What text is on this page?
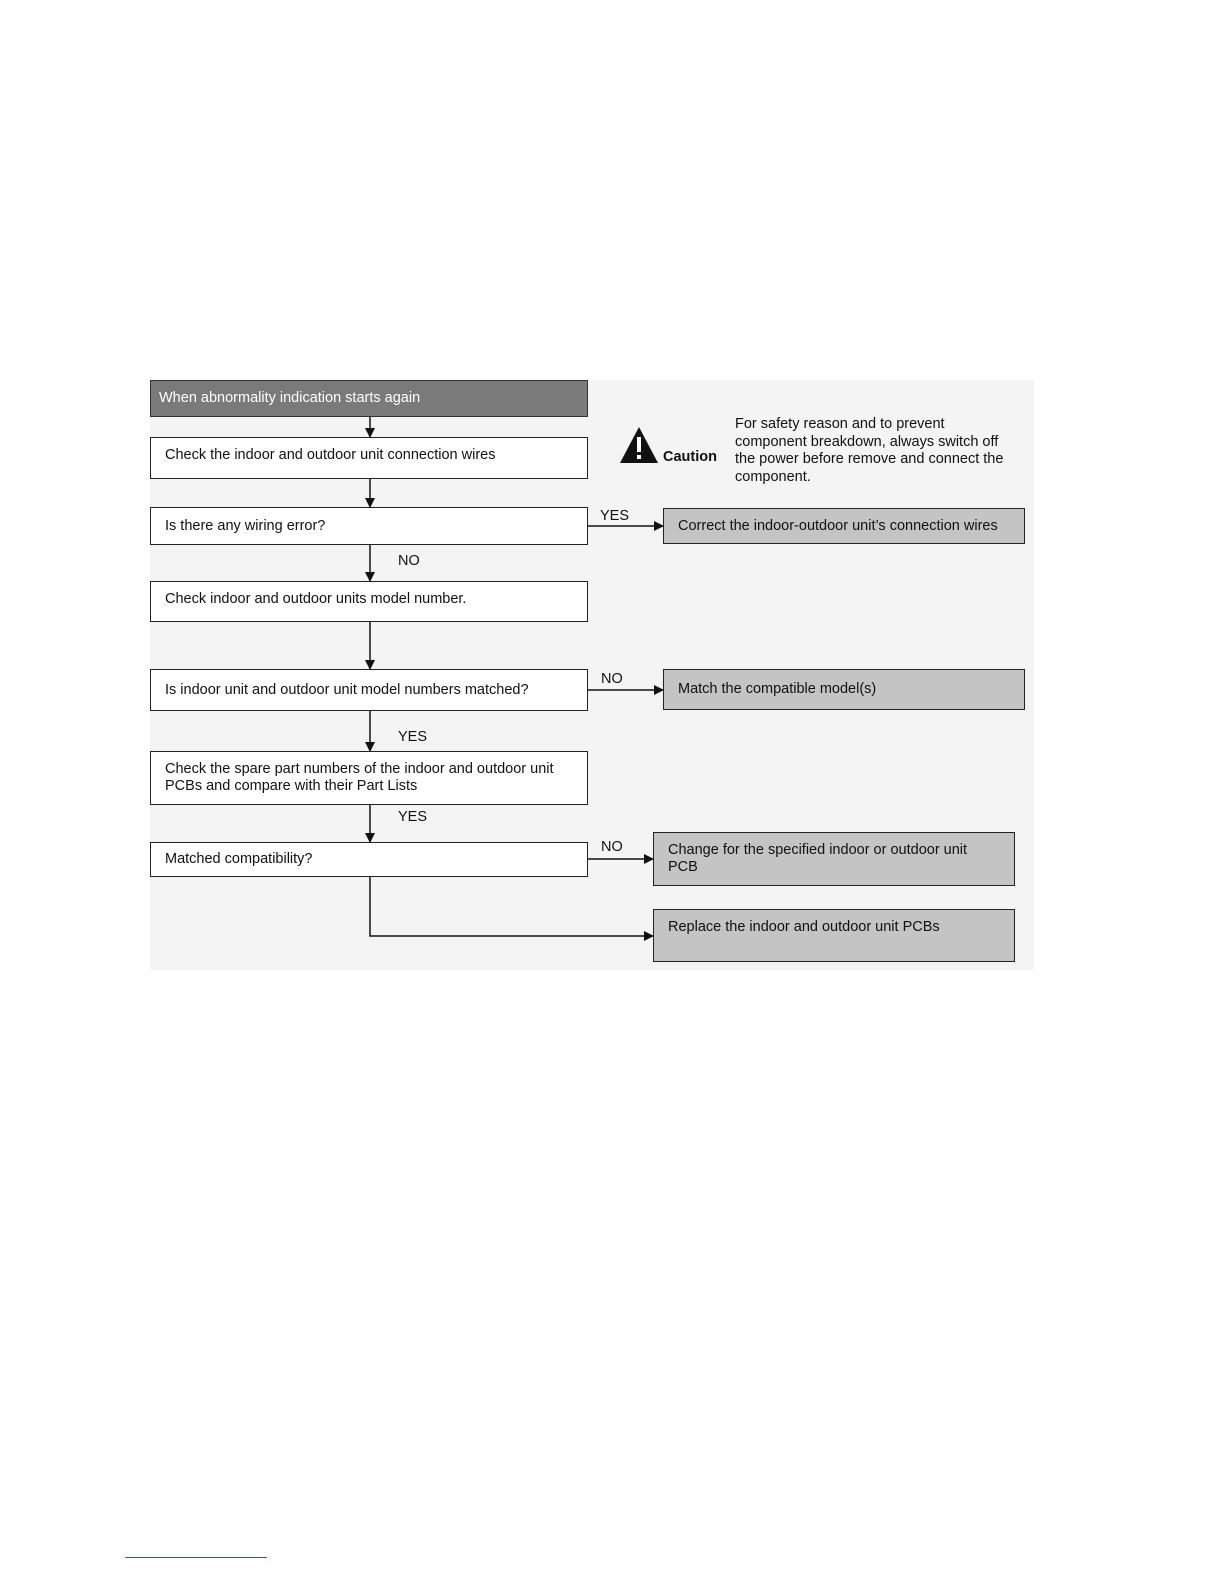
When abnormality indication starts again
Check the indoor and outdoor unit connection wires
Is there any wiring error?
Check indoor and outdoor units model number.
Is indoor unit and outdoor unit model numbers matched?
Check the spare part numbers of the indoor and outdoor unit PCBs and compare with their Part Lists
Matched compatibility?
Correct the indoor-outdoor unit’s connection wires
Match the compatible model(s)
Change for the specified indoor or outdoor unit PCB
Replace the indoor and outdoor unit PCBs
YES
NO
NO
YES
YES
NO
Caution
For safety reason and to prevent component breakdown, always switch off the power before remove and connect the component.
